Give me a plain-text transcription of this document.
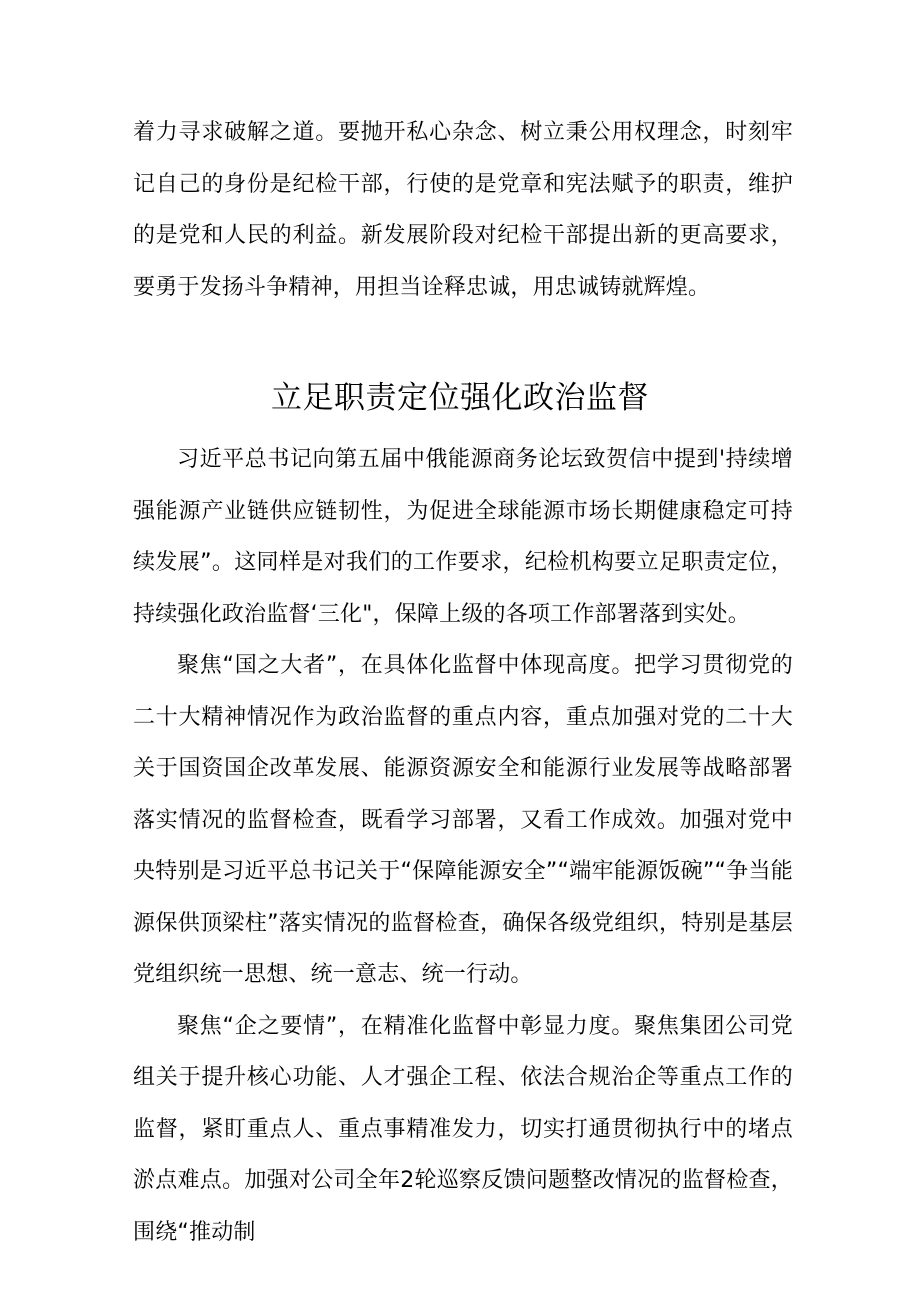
着力寻求破解之道。要抛开私心杂念、树立秉公用权理念，时刻牢记自己的身份是纪检干部，行使的是党章和宪法赋予的职责，维护的是党和人民的利益。新发展阶段对纪检干部提出新的更高要求，要勇于发扬斗争精神，用担当诠释忠诚，用忠诚铸就辉煌。
立足职责定位强化政治监督

习近平总书记向第五届中俄能源商务论坛致贺信中提到'持续增强能源产业链供应链韧性，为促进全球能源市场长期健康稳定可持续发展”。这同样是对我们的工作要求，纪检机构要立足职责定位，持续强化政治监督‘三化"，保障上级的各项工作部署落到实处。

聚焦“国之大者”，在具体化监督中体现高度。把学习贯彻党的二十大精神情况作为政治监督的重点内容，重点加强对党的二十大关于国资国企改革发展、能源资源安全和能源行业发展等战略部署落实情况的监督检查，既看学习部署，又看工作成效。加强对党中央特别是习近平总书记关于“保障能源安全”“端牢能源饭碗”“争当能源保供顶梁柱”落实情况的监督检查，确保各级党组织，特别是基层党组织统一思想、统一意志、统一行动。

聚焦“企之要情”，在精准化监督中彰显力度。聚焦集团公司党组关于提升核心功能、人才强企工程、依法合规治企等重点工作的监督，紧盯重点人、重点事精准发力，切实打通贯彻执行中的堵点淤点难点。加强对公司全年2轮巡察反馈问题整改情况的监督检查，围绕“推动制
